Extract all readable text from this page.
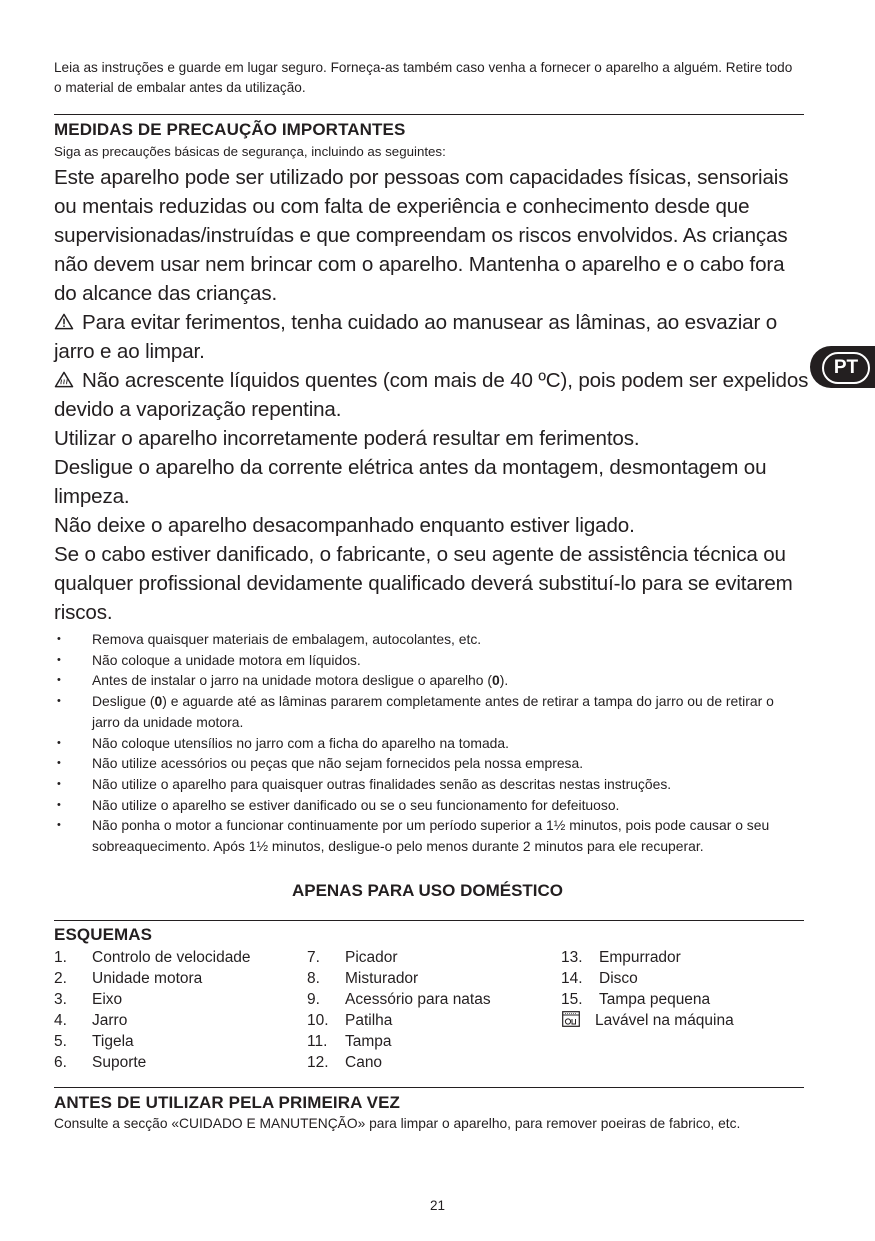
Leia as instruções e guarde em lugar seguro. Forneça-as também caso venha a fornecer o aparelho a alguém. Retire todo o material de embalar antes da utilização.
MEDIDAS DE PRECAUÇÃO IMPORTANTES
Siga as precauções básicas de segurança, incluindo as seguintes:

Este aparelho pode ser utilizado por pessoas com capacidades físicas, sensoriais ou mentais reduzidas ou com falta de experiência e conhecimento desde que supervisionadas/instruídas e que compreendam os riscos envolvidos. As crianças não devem usar nem brincar com o aparelho. Mantenha o aparelho e o cabo fora do alcance das crianças.

Para evitar ferimentos, tenha cuidado ao manusear as lâminas, ao esvaziar o jarro e ao limpar.

Não acrescente líquidos quentes (com mais de 40 ºC), pois podem ser expelidos devido a vaporização repentina.

Utilizar o aparelho incorretamente poderá resultar em ferimentos.

Desligue o aparelho da corrente elétrica antes da montagem, desmontagem ou limpeza.

Não deixe o aparelho desacompanhado enquanto estiver ligado.

Se o cabo estiver danificado, o fabricante, o seu agente de assistência técnica ou qualquer profissional devidamente qualificado deverá substituí-lo para se evitarem riscos.

• Remova quaisquer materiais de embalagem, autocolantes, etc.
• Não coloque a unidade motora em líquidos.
• Antes de instalar o jarro na unidade motora desligue o aparelho (0).
• Desligue (0) e aguarde até as lâminas pararem completamente antes de retirar a tampa do jarro ou de retirar o jarro da unidade motora.
• Não coloque utensílios no jarro com a ficha do aparelho na tomada.
• Não utilize acessórios ou peças que não sejam fornecidos pela nossa empresa.
• Não utilize o aparelho para quaisquer outras finalidades senão as descritas nestas instruções.
• Não utilize o aparelho se estiver danificado ou se o seu funcionamento for defeituoso.
• Não ponha o motor a funcionar continuamente por um período superior a 1½ minutos, pois pode causar o seu sobreaquecimento. Após 1½ minutos, desligue-o pelo menos durante 2 minutos para ele recuperar.
APENAS PARA USO DOMÉSTICO
ESQUEMAS
1. Controlo de velocidade
2. Unidade motora
3. Eixo
4. Jarro
5. Tigela
6. Suporte
7. Picador
8. Misturador
9. Acessório para natas
10. Patilha
11. Tampa
12. Cano
13. Empurrador
14. Disco
15. Tampa pequena
Lavável na máquina
ANTES DE UTILIZAR PELA PRIMEIRA VEZ
Consulte a secção «CUIDADO E MANUTENÇÃO» para limpar o aparelho, para remover poeiras de fabrico, etc.
PT
21
